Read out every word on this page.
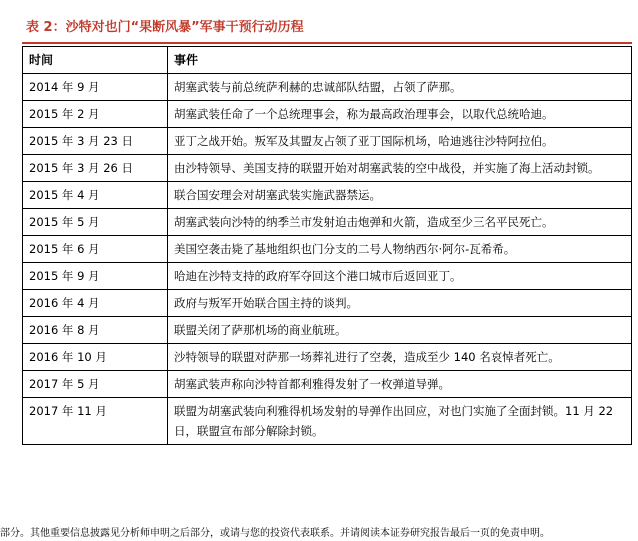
表 2：沙特对也门“果断风暴”军事干预行动历程
时间	事件
2014 年 9 月	胡塞武装与前总统萨利赫的忠诚部队结盟，占领了萨那。
2015 年 2 月	胡塞武装任命了一个总统理事会，称为最高政治理事会，以取代总统哈迪。
2015 年 3 月 23 日	亚丁之战开始。叛军及其盟友占领了亚丁国际机场，哈迪逃往沙特阿拉伯。
2015 年 3 月 26 日	由沙特领导、美国支持的联盟开始对胡塞武装的空中战役，并实施了海上活动封锁。
2015 年 4 月	联合国安理会对胡塞武装实施武器禁运。
2015 年 5 月	胡塞武装向沙特的纳季兰市发射迫击炮弹和火箭，造成至少三名平民死亡。
2015 年 6 月	美国空袭击毙了基地组织也门分支的二号人物纳西尔·阿尔-瓦希希。
2015 年 9 月	哈迪在沙特支持的政府军夺回这个港口城市后返回亚丁。
2016 年 4 月	政府与叛军开始联合国主持的谈判。
2016 年 8 月	联盟关闭了萨那机场的商业航班。
2016 年 10 月	沙特领导的联盟对萨那一场葬礼进行了空袭，造成至少 140 名哀悼者死亡。
2017 年 5 月	胡塞武装声称向沙特首都利雅得发射了一枚弹道导弹。
2017 年 11 月	联盟为胡塞武装向利雅得机场发射的导弹作出回应，对也门实施了全面封锁。11 月 22 日，联盟宣布部分解除封锁。
部分。其他重要信息披露见分析师申明之后部分，或请与您的投资代表联系。并请阅读本证券研究报告最后一页的免责申明。
